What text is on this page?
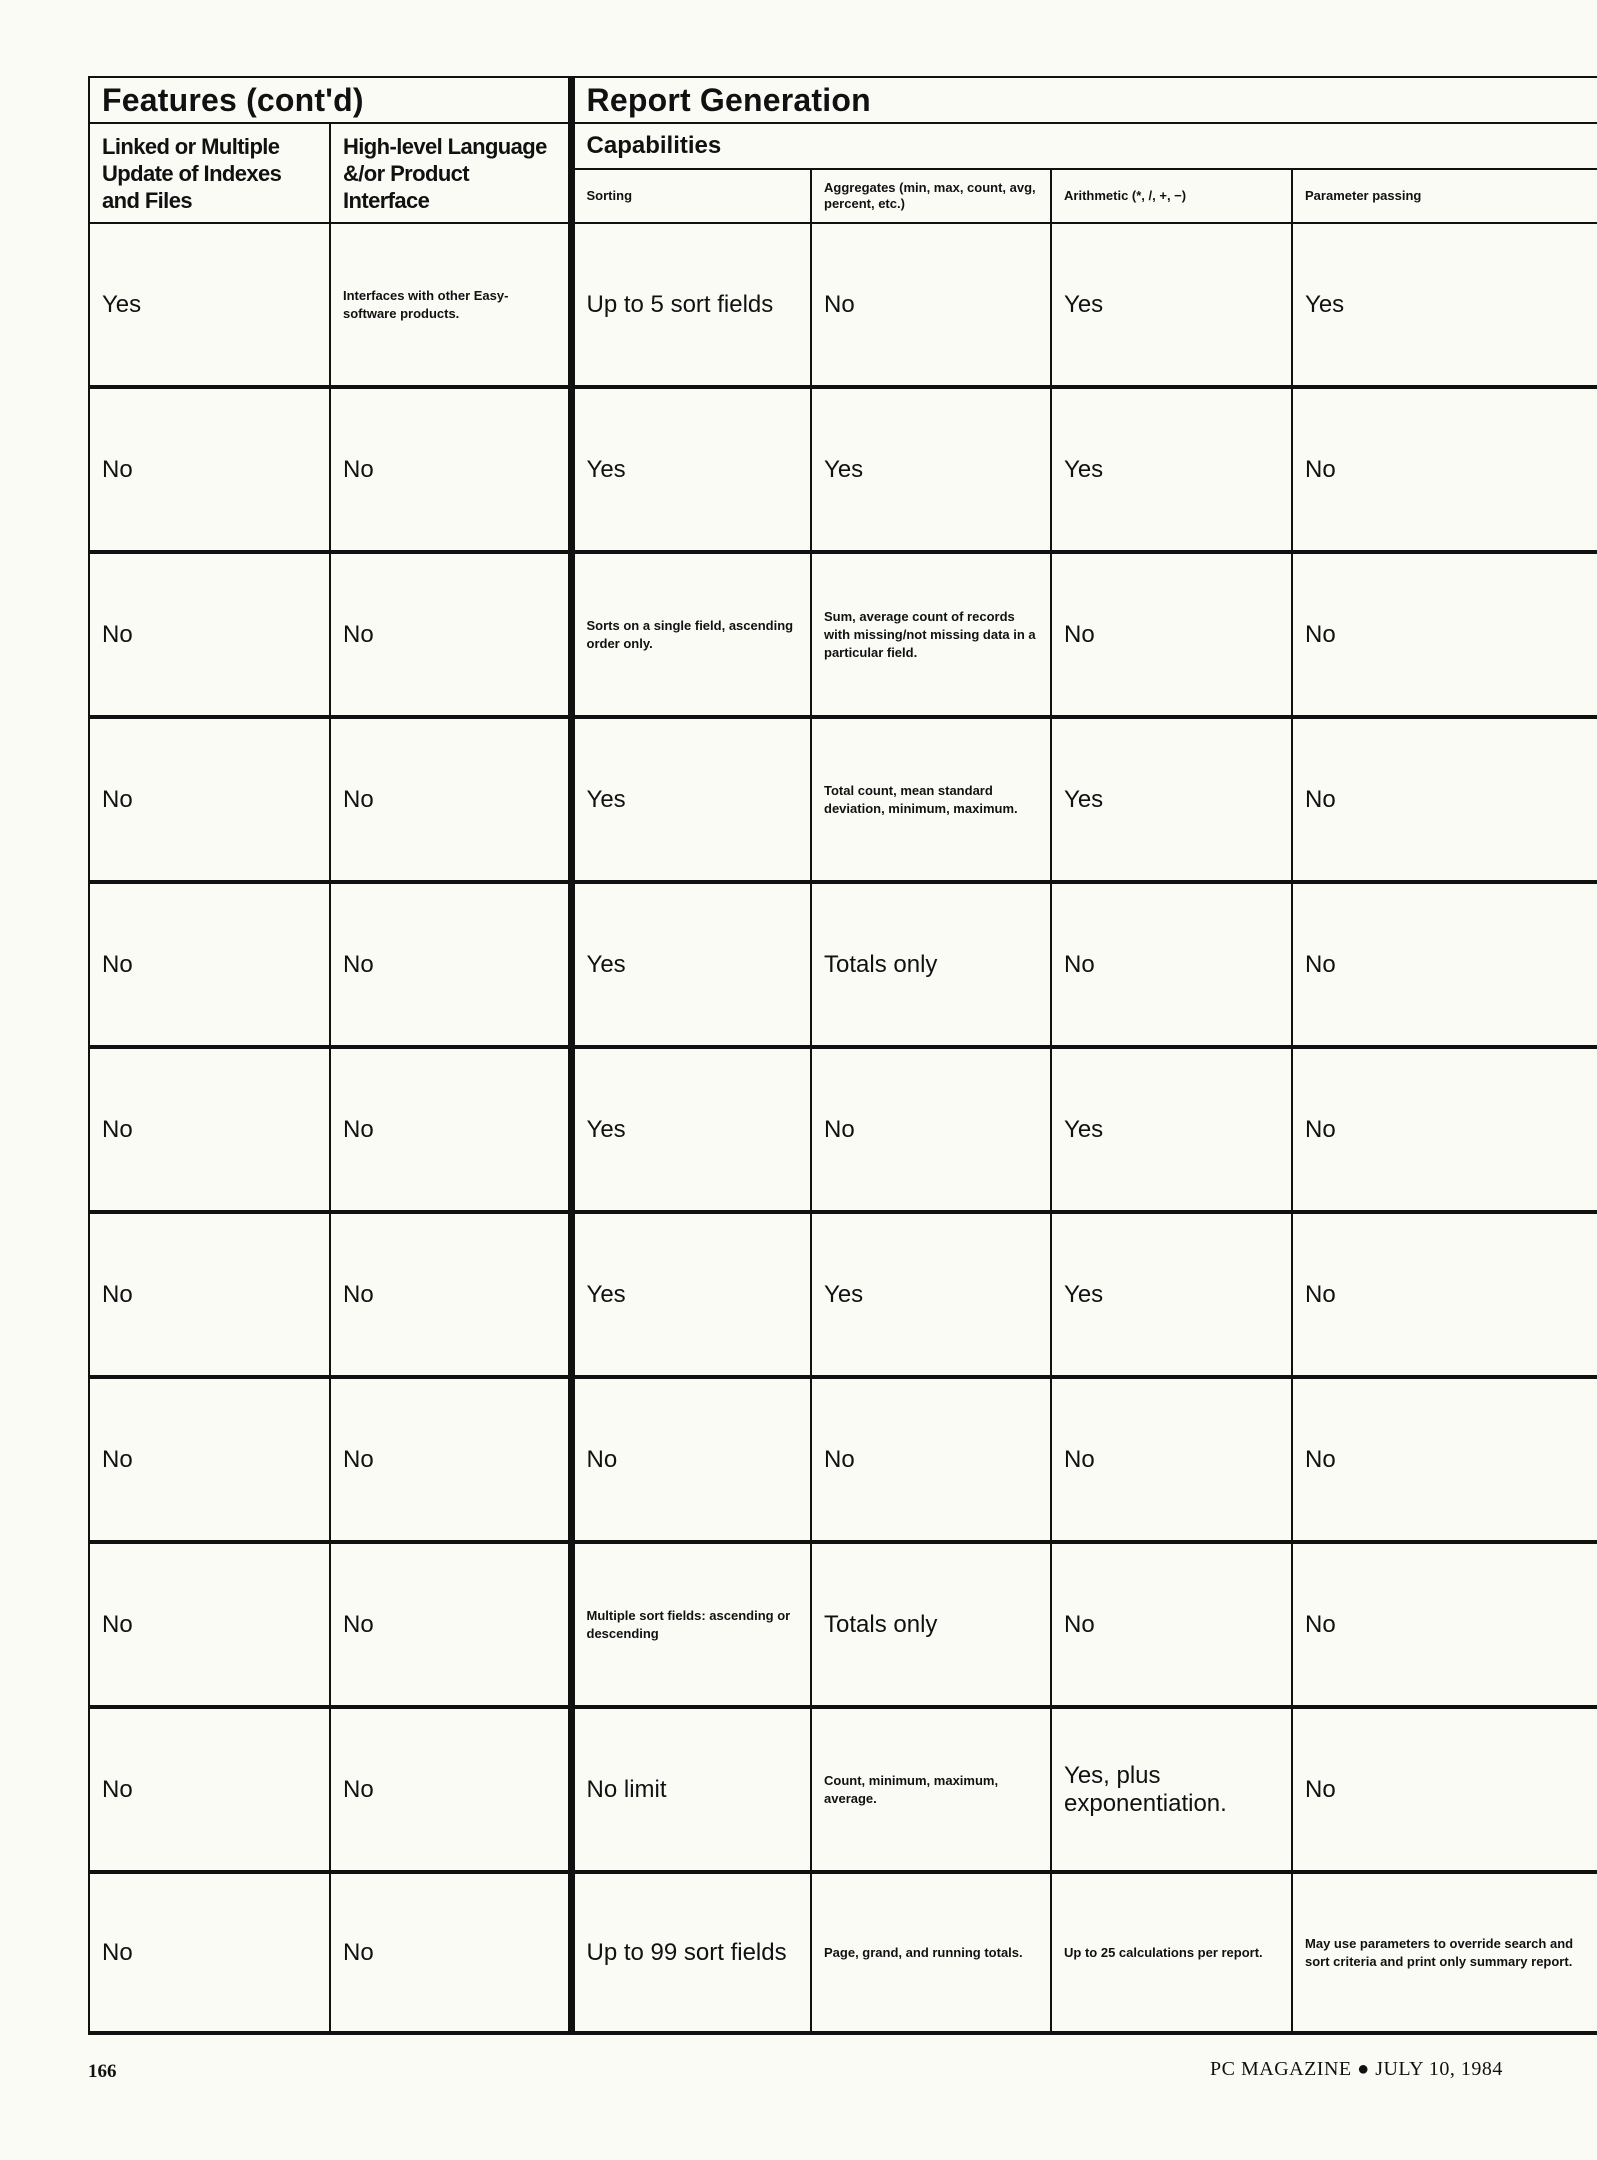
Features (cont'd)		Report Generation			

Linked or Multiple Update of Indexes and Files	High-level Language &/or Product Interface	Capabilities			

		Sorting	Aggregates (min, max, count, avg, percent, etc.)	Arithmetic (*, /, +, −)	Parameter passing

Yes	Interfaces with other Easy-software products.	Up to 5 sort fields	No	Yes	Yes

No	No	Yes	Yes	Yes	No

No	No	Sorts on a single field, ascending order only.	Sum, average count of records with missing/not missing data in a particular field.	No	No

No	No	Yes	Total count, mean standard deviation, minimum, maximum.	Yes	No

No	No	Yes	Totals only	No	No

No	No	Yes	No	Yes	No

No	No	Yes	Yes	Yes	No

No	No	No	No	No	No

No	No	Multiple sort fields: ascending or descending	Totals only	No	No

No	No	No limit	Count, minimum, maximum, average.	Yes, plus exponentiation.	No

No	No	Up to 99 sort fields	Page, grand, and running totals.	Up to 25 calculations per report.	May use parameters to override search and sort criteria and print only summary report.
166	PC MAGAZINE ● JULY 10, 1984
